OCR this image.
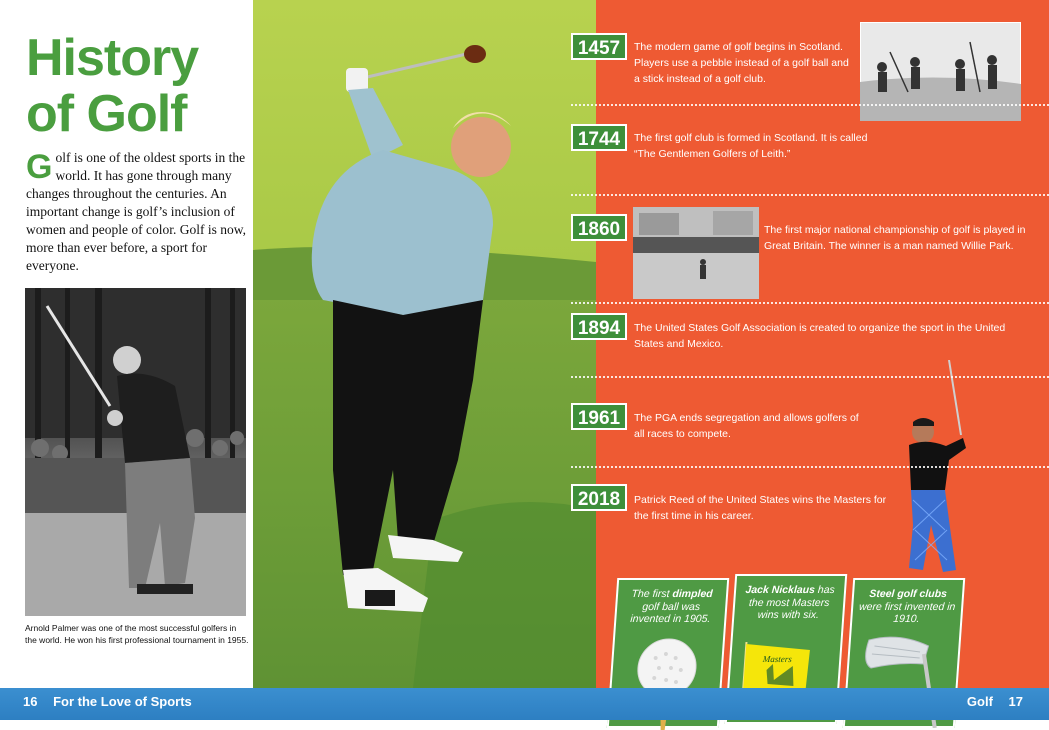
History
of Golf

Golf is one of the oldest sports in the world. It has gone through many changes throughout the centuries. An important change is golf’s inclusion of women and people of color. Golf is now, more than ever before, a sport for everyone.

Arnold Palmer was one of the most successful golfers in the world. He won his first professional tournament in 1955.

1457	The modern game of golf begins in Scotland. Players use a pebble instead of a golf ball and a stick instead of a golf club.
1744	The first golf club is formed in Scotland. It is called “The Gentlemen Golfers of Leith.”
1860	The first major national championship of golf is played in Great Britain. The winner is a man named Willie Park.
1894	The United States Golf Association is created to organize the sport in the United States and Mexico.
1961	The PGA ends segregation and allows golfers of all races to compete.
2018	Patrick Reed of the United States wins the Masters for the first time in his career.

The first dimpled golf ball was invented in 1905.

Jack Nicklaus has the most Masters wins with six.

Masters

Steel golf clubs were first invented in 1910.

16 For the Love of Sports	Golf 17
